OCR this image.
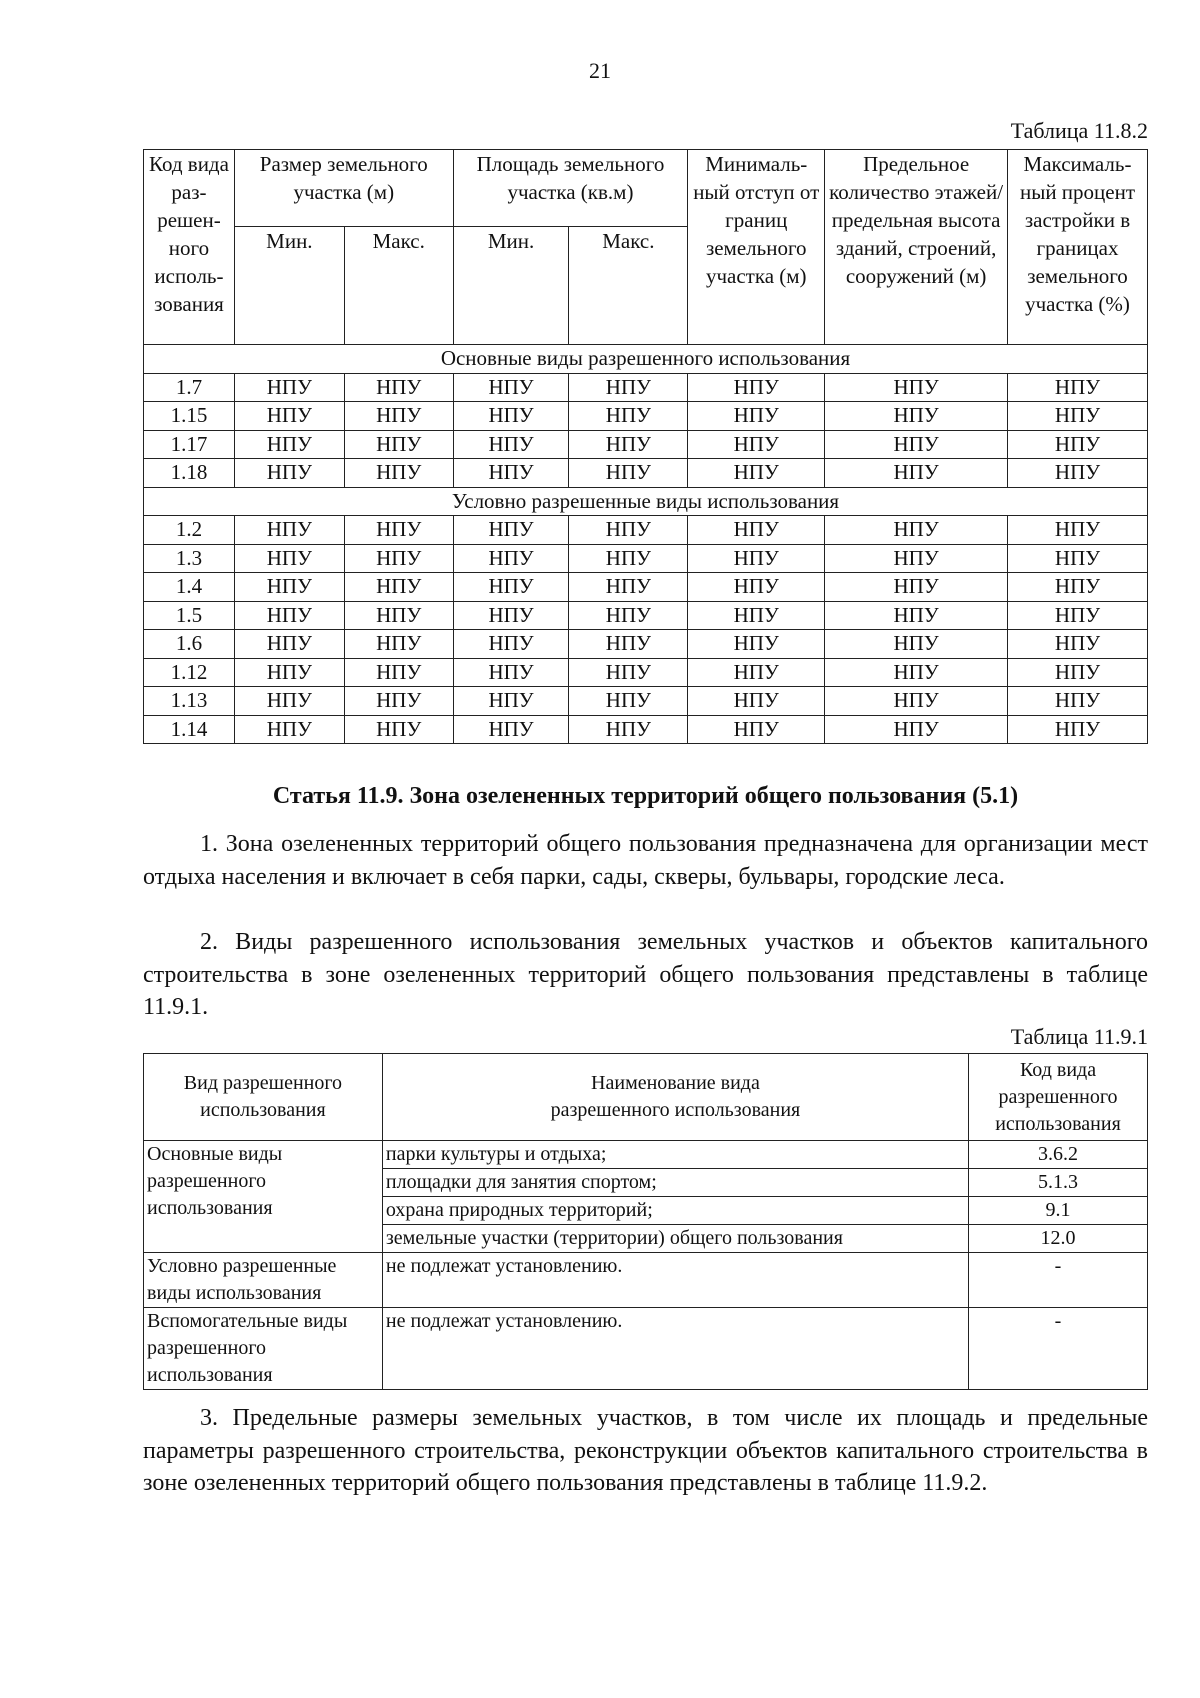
21
Таблица 11.8.2
Код вида раз- решен- ного исполь- зования	Размер земельного участка (м)		Площадь земельного участка (кв.м)		Минималь- ный отступ от границ земельного участка (м)	Предельное количество этажей/ предельная высота зданий, строений, сооружений (м)	Максималь- ный процент застройки в границах земельного участка (%)
	Мин.	Макс.	Мин.	Макс.			
Основные виды разрешенного использования							
1.7	НПУ	НПУ	НПУ	НПУ	НПУ	НПУ	НПУ
1.15	НПУ	НПУ	НПУ	НПУ	НПУ	НПУ	НПУ
1.17	НПУ	НПУ	НПУ	НПУ	НПУ	НПУ	НПУ
1.18	НПУ	НПУ	НПУ	НПУ	НПУ	НПУ	НПУ
Условно разрешенные виды использования							
1.2	НПУ	НПУ	НПУ	НПУ	НПУ	НПУ	НПУ
1.3	НПУ	НПУ	НПУ	НПУ	НПУ	НПУ	НПУ
1.4	НПУ	НПУ	НПУ	НПУ	НПУ	НПУ	НПУ
1.5	НПУ	НПУ	НПУ	НПУ	НПУ	НПУ	НПУ
1.6	НПУ	НПУ	НПУ	НПУ	НПУ	НПУ	НПУ
1.12	НПУ	НПУ	НПУ	НПУ	НПУ	НПУ	НПУ
1.13	НПУ	НПУ	НПУ	НПУ	НПУ	НПУ	НПУ
1.14	НПУ	НПУ	НПУ	НПУ	НПУ	НПУ	НПУ
Статья 11.9. Зона озелененных территорий общего пользования (5.1)

1. Зона озелененных территорий общего пользования предназначена для организации мест отдыха населения и включает в себя парки, сады, скверы, бульвары, городские леса.

2. Виды разрешенного использования земельных участков и объектов капитального строительства в зоне озелененных территорий общего пользования представлены в таблице 11.9.1.

Таблица 11.9.1
Вид разрешенного использования	Наименование вида разрешенного использования	Код вида разрешенного использования
Основные виды разрешенного использования	парки культуры и отдыха;	3.6.2
	площадки для занятия спортом;	5.1.3
	охрана природных территорий;	9.1
	земельные участки (территории) общего пользования	12.0
Условно разрешенные виды использования	не подлежат установлению.	-
Вспомогательные виды разрешенного использования	не подлежат установлению.	-

3. Предельные размеры земельных участков, в том числе их площадь и предельные параметры разрешенного строительства, реконструкции объектов капитального строительства в зоне озелененных территорий общего пользования представлены в таблице 11.9.2.
